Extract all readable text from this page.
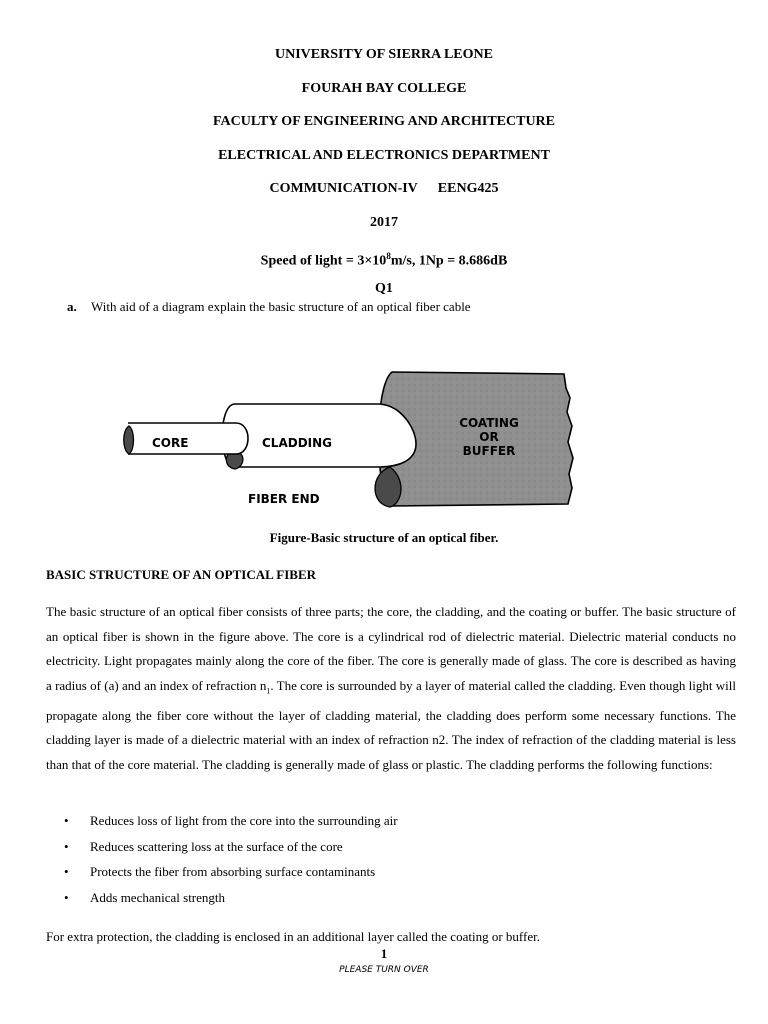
UNIVERSITY OF SIERRA LEONE
FOURAH BAY COLLEGE
FACULTY OF ENGINEERING AND ARCHITECTURE
ELECTRICAL AND ELECTRONICS DEPARTMENT
COMMUNICATION-IV EENG425
2017
Speed of light = $3\times 10^8m/s$, 1Np = 8.686dB
Q1
a. With aid of a diagram explain the basic structure of an optical fiber cable
CORE	CLADDING
COATING
OR
BUFFER
FIBER END
Figure-Basic structure of an optical fiber.
BASIC STRUCTURE OF AN OPTICAL FIBER
The basic structure of an optical fiber consists of three parts; the core, the cladding, and the coating or buffer. The basic structure of an optical fiber is shown in the figure above. The core is a cylindrical rod of dielectric material. Dielectric material conducts no electricity. Light propagates mainly along the core of the fiber. The core is generally made of glass. The core is described as having a radius of (a) and an index of refraction $n_1$. The core is surrounded by a layer of material called the cladding. Even though light will propagate along the fiber core without the layer of cladding material, the cladding does perform some necessary functions. The cladding layer is made of a dielectric material with an index of refraction n2. The index of refraction of the cladding material is less than that of the core material. The cladding is generally made of glass or plastic. The cladding performs the following functions:
• Reduces loss of light from the core into the surrounding air
• Reduces scattering loss at the surface of the core
• Protects the fiber from absorbing surface contaminants
• Adds mechanical strength
For extra protection, the cladding is enclosed in an additional layer called the coating or buffer.
1
PLEASE TURN OVER
